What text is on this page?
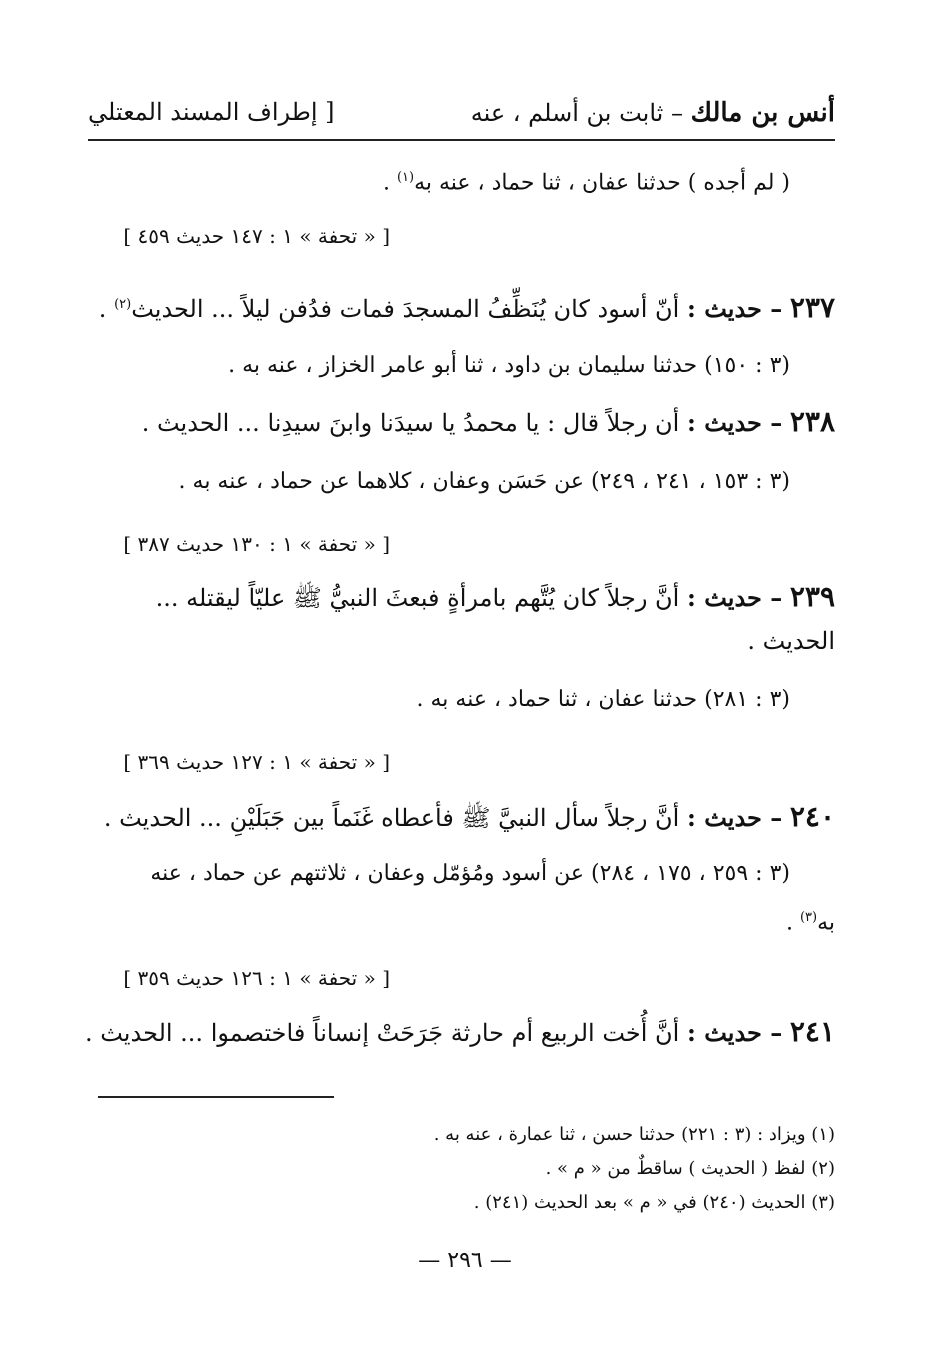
أنس بن مالك – ثابت بن أسلم ، عنه
[ إطراف المسند المعتلي
( لم أجده ) حدثنا عفان ، ثنا حماد ، عنه به$^{(١)}$ .
[ « تحفة » ١ : ١٤٧ حديث ٤٥٩ ]
٢٣٧ – حديث : أنّ أسود كان يُنَظِّفُ المسجدَ فمات فدُفن ليلاً ... الحديث$^{(٢)}$ .
(٣ : ١٥٠) حدثنا سليمان بن داود ، ثنا أبو عامر الخزاز ، عنه به .
٢٣٨ – حديث : أن رجلاً قال : يا محمدُ يا سيدَنا وابنَ سيدِنا ... الحديث .
(٣ : ١٥٣ ، ٢٤١ ، ٢٤٩) عن حَسَن وعفان ، كلاهما عن حماد ، عنه به .
[ « تحفة » ١ : ١٣٠ حديث ٣٨٧ ]
٢٣٩ – حديث : أنَّ رجلاً كان يُتَّهم بامرأةٍ فبعثَ النبيُّ ﷺ عليّاً ليقتله ...
الحديث .
(٣ : ٢٨١) حدثنا عفان ، ثنا حماد ، عنه به .
[ « تحفة » ١ : ١٢٧ حديث ٣٦٩ ]
٢٤٠ – حديث : أنَّ رجلاً سأل النبيَّ ﷺ فأعطاه غَنَماً بين جَبَلَيْنِ ... الحديث .
(٣ : ٢٥٩ ، ١٧٥ ، ٢٨٤) عن أسود ومُؤمّل وعفان ، ثلاثتهم عن حماد ، عنه
به$^{(٣)}$ .
[ « تحفة » ١ : ١٢٦ حديث ٣٥٩ ]
٢٤١ – حديث : أنَّ أُخت الربيع أم حارثة جَرَحَتْ إنساناً فاختصموا ... الحديث .
(١) ويزاد : (٣ : ٢٢١) حدثنا حسن ، ثنا عمارة ، عنه به .
(٢) لفظ ( الحديث ) ساقطٌ من « م » .
(٣) الحديث (٢٤٠) في « م » بعد الحديث (٢٤١) .
— ٢٩٦ —
